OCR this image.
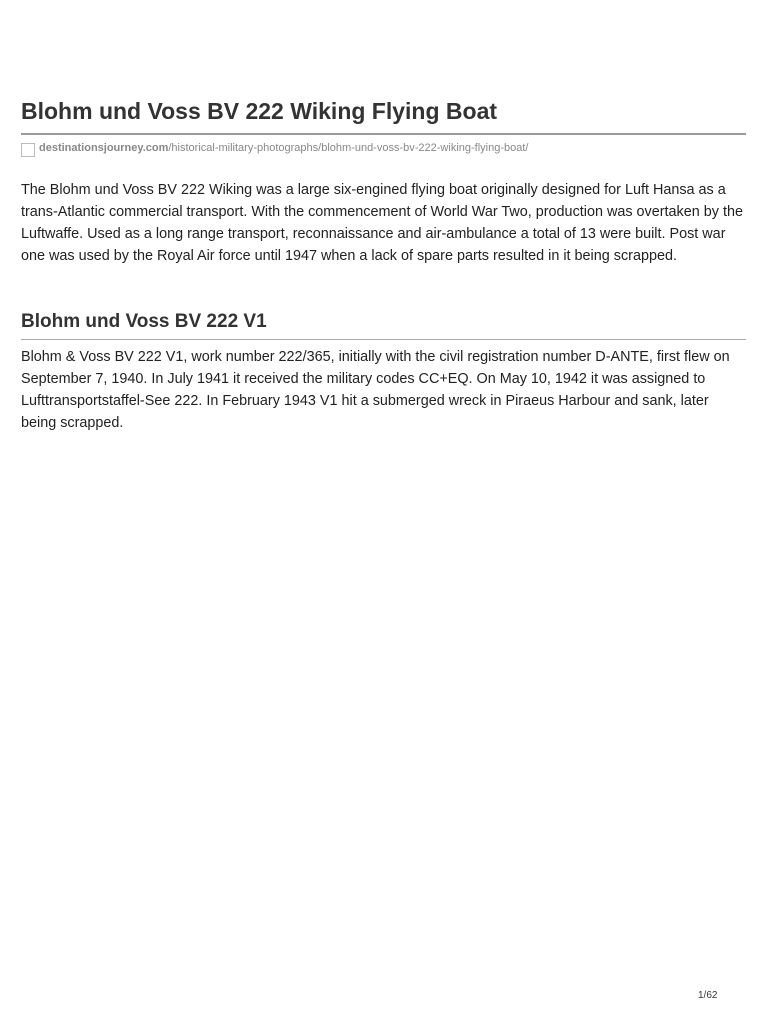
Blohm und Voss BV 222 Wiking Flying Boat
destinationsjourney.com /historical-military-photographs/blohm-und-voss-bv-222-wiking-flying-boat/

The Blohm und Voss BV 222 Wiking was a large six-engined flying boat originally designed for Luft Hansa as a trans-Atlantic commercial transport. With the commencement of World War Two, production was overtaken by the Luftwaffe. Used as a long range transport, reconnaissance and air-ambulance a total of 13 were built. Post war one was used by the Royal Air force until 1947 when a lack of spare parts resulted in it being scrapped.

Blohm und Voss BV 222 V1

Blohm & Voss BV 222 V1, work number 222/365, initially with the civil registration number D-ANTE, first flew on September 7, 1940. In July 1941 it received the military codes CC+EQ. On May 10, 1942 it was assigned to Lufttransportstaffel-See 222. In February 1943 V1 hit a submerged wreck in Piraeus Harbour and sank, later being scrapped.

1/62
